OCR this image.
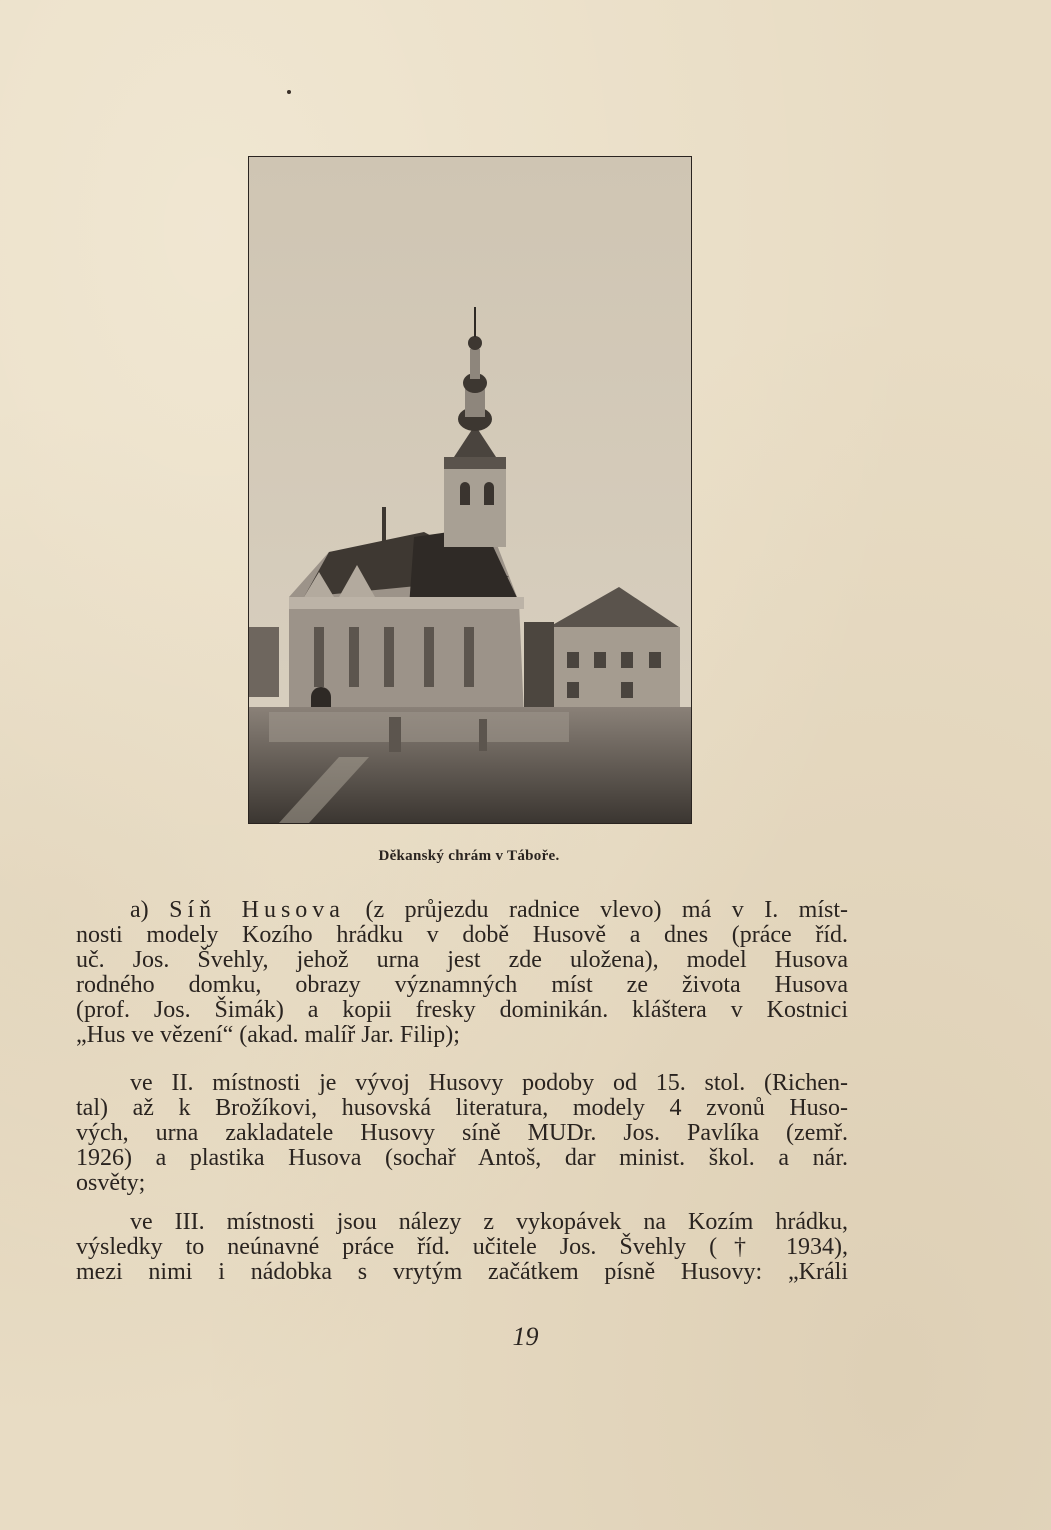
Děkanský chrám v Táboře.
a) Síň Husova (z průjezdu radnice vlevo) má v I. míst-
nosti modely Kozího hrádku v době Husově a dnes (práce říd.
uč. Jos. Švehly, jehož urna jest zde uložena), model Husova
rodného domku, obrazy významných míst ze života Husova
(prof. Jos. Šimák) a kopii fresky dominikán. kláštera v Kostnici
„Hus ve vězení“ (akad. malíř Jar. Filip);
ve II. místnosti je vývoj Husovy podoby od 15. stol. (Richen-
tal) až k Brožíkovi, husovská literatura, modely 4 zvonů Huso-
vých, urna zakladatele Husovy síně MUDr. Jos. Pavlíka (zemř.
1926) a plastika Husova (sochař Antoš, dar minist. škol. a nár.
osvěty;
ve III. místnosti jsou nálezy z vykopávek na Kozím hrádku,
výsledky to neúnavné práce říd. učitele Jos. Švehly († 1934),
mezi nimi i nádobka s vrytým začátkem písně Husovy: „Králi
19
